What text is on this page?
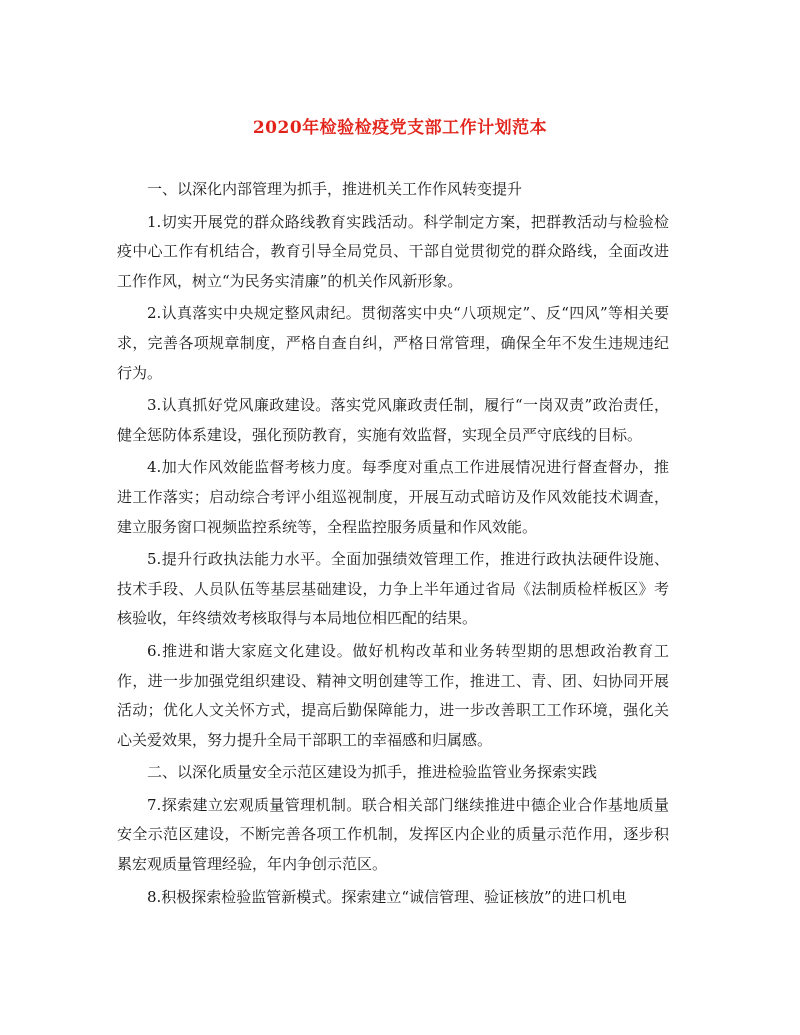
2020年检验检疫党支部工作计划范本

一、以深化内部管理为抓手，推进机关工作作风转变提升

1.切实开展党的群众路线教育实践活动。科学制定方案，把群教活动与检验检疫中心工作有机结合，教育引导全局党员、干部自觉贯彻党的群众路线，全面改进工作作风，树立“为民务实清廉”的机关作风新形象。

2.认真落实中央规定整风肃纪。贯彻落实中央“八项规定”、反“四风”等相关要求，完善各项规章制度，严格自查自纠，严格日常管理，确保全年不发生违规违纪行为。

3.认真抓好党风廉政建设。落实党风廉政责任制，履行“一岗双责”政治责任，健全惩防体系建设，强化预防教育，实施有效监督，实现全员严守底线的目标。

4.加大作风效能监督考核力度。每季度对重点工作进展情况进行督查督办，推进工作落实；启动综合考评小组巡视制度，开展互动式暗访及作风效能技术调查，建立服务窗口视频监控系统等，全程监控服务质量和作风效能。

5.提升行政执法能力水平。全面加强绩效管理工作，推进行政执法硬件设施、技术手段、人员队伍等基层基础建设，力争上半年通过省局《法制质检样板区》考核验收，年终绩效考核取得与本局地位相匹配的结果。

6.推进和谐大家庭文化建设。做好机构改革和业务转型期的思想政治教育工作，进一步加强党组织建设、精神文明创建等工作，推进工、青、团、妇协同开展活动；优化人文关怀方式，提高后勤保障能力，进一步改善职工工作环境，强化关心关爱效果，努力提升全局干部职工的幸福感和归属感。

二、以深化质量安全示范区建设为抓手，推进检验监管业务探索实践

7.探索建立宏观质量管理机制。联合相关部门继续推进中德企业合作基地质量安全示范区建设，不断完善各项工作机制，发挥区内企业的质量示范作用，逐步积累宏观质量管理经验，年内争创示范区。

8.积极探索检验监管新模式。探索建立“诚信管理、验证核放”的进口机电
